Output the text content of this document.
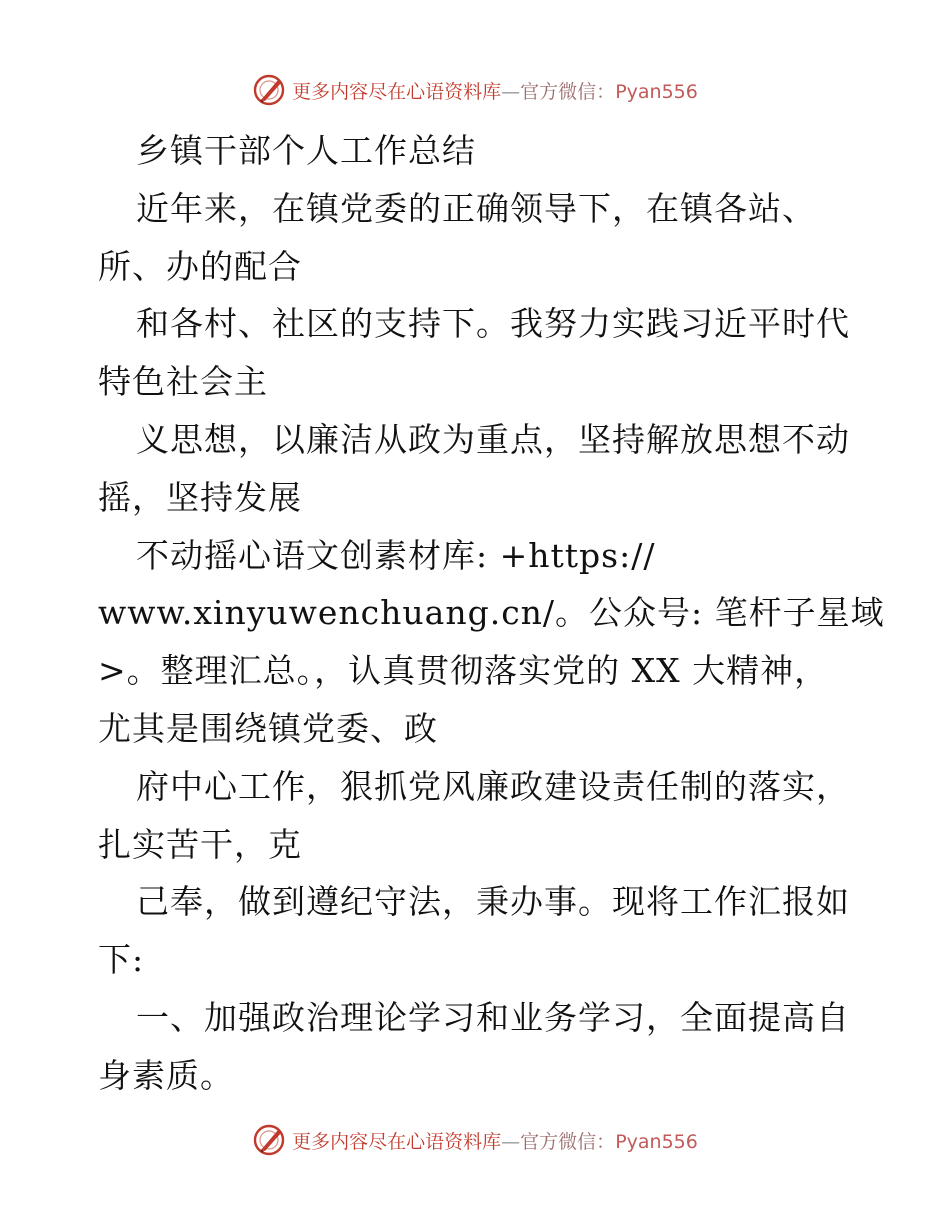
更多内容尽在心语资料库—官方微信：Pyan556
乡镇干部个人工作总结
近年来，在镇党委的正确领导下，在镇各站、
所、办的配合
和各村、社区的支持下。我努力实践习近平时代
特色社会主
义思想，以廉洁从政为重点，坚持解放思想不动
摇，坚持发展
不动摇心语文创素材库: +https://
www.xinyuwenchuang.cn/。公众号: 笔杆子星域
>。整理汇总。，认真贯彻落实党的 XX 大精神，
尤其是围绕镇党委、政
府中心工作，狠抓党风廉政建设责任制的落实，
扎实苦干，克
己奉，做到遵纪守法，秉办事。现将工作汇报如
下:
一、加强政治理论学习和业务学习，全面提高自
身素质。
更多内容尽在心语资料库—官方微信：Pyan556
